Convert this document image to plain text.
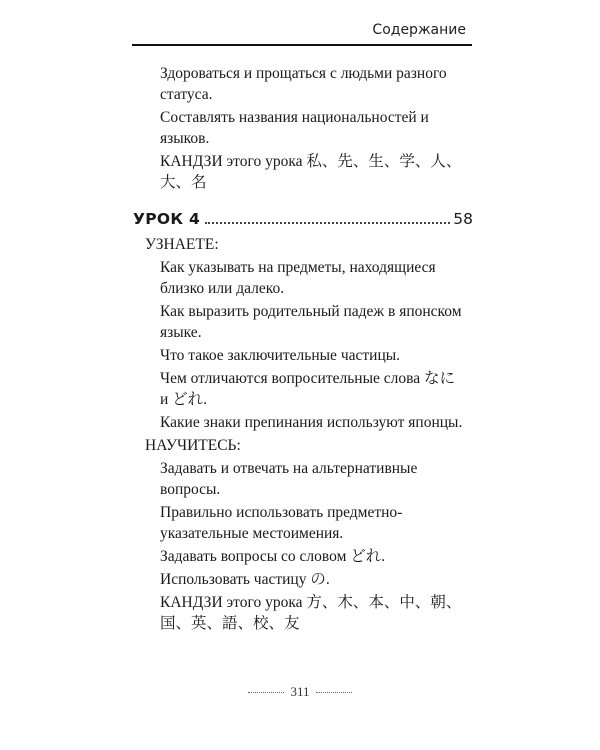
Содержание
Здороваться и прощаться с людьми разного
статуса.
Составлять названия национальностей и
языков.
КАНДЗИ этого урока 私、先、生、学、人、
大、名
УРОК 4	58
УЗНАЕТЕ:
Как указывать на предметы, находящиеся
близко или далеко.
Как выразить родительный падеж в японском
языке.
Что такое заключительные частицы.
Чем отличаются вопросительные слова なに
и どれ.
Какие знаки препинания используют японцы.
НАУЧИТЕСЬ:
Задавать и отвечать на альтернативные
вопросы.
Правильно использовать предметно-
указательные местоимения.
Задавать вопросы со словом どれ.
Использовать частицу の.
КАНДЗИ этого урока 方、木、本、中、朝、
国、英、語、校、友
311
